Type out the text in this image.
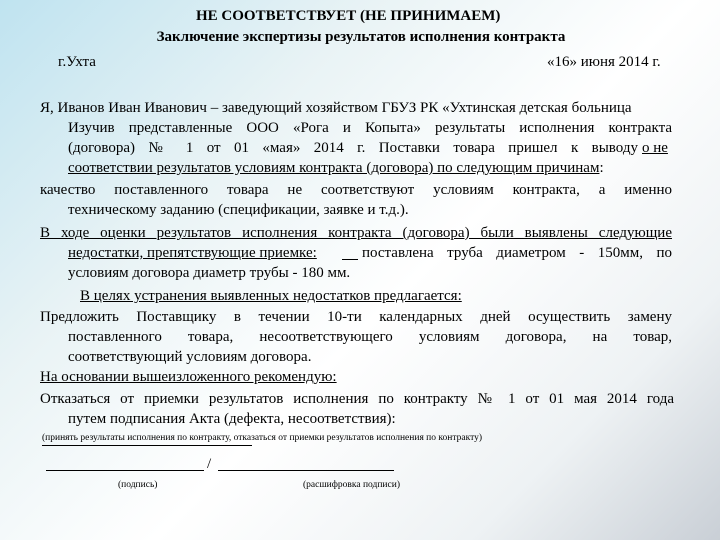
НЕ СООТВЕТСТВУЕТ (НЕ ПРИНИМАЕМ)
Заключение экспертизы результатов исполнения контракта
г.Ухта	«16» июня 2014 г.
Я, Иванов Иван Иванович – заведующий хозяйством ГБУЗ РК «Ухтинская детская больница
Изучив представленные ООО «Рога и Копыта» результаты исполнения контракта
(договора) № 1 от 01 «мая» 2014 г. Поставки товара пришел к выводу о не
соответствии результатов условиям контракта (договора) по следующим причинам:
качество поставленного товара не соответствуют условиям контракта, а именно
техническому заданию (спецификации, заявке и т.д.).
В ходе оценки результатов исполнения контракта (договора) были выявлены следующие
недостатки, препятствующие приемке:	поставлена труба диаметром - 150мм, по
условиям договора диаметр трубы - 180 мм.
В целях устранения выявленных недостатков предлагается:
Предложить Поставщику в течении 10-ти календарных дней осуществить замену
поставленного товара, несоответствующего условиям договора, на товар,
соответствующий условиям договора.
На основании вышеизложенного рекомендую:
Отказаться от приемки результатов исполнения по контракту № 1 от 01 мая 2014 года
путем подписания Акта (дефекта, несоответствия):
(принять результаты исполнения по контракту, отказаться от приемки результатов исполнения по контракту)
/
(подпись)	(расшифровка подписи)
